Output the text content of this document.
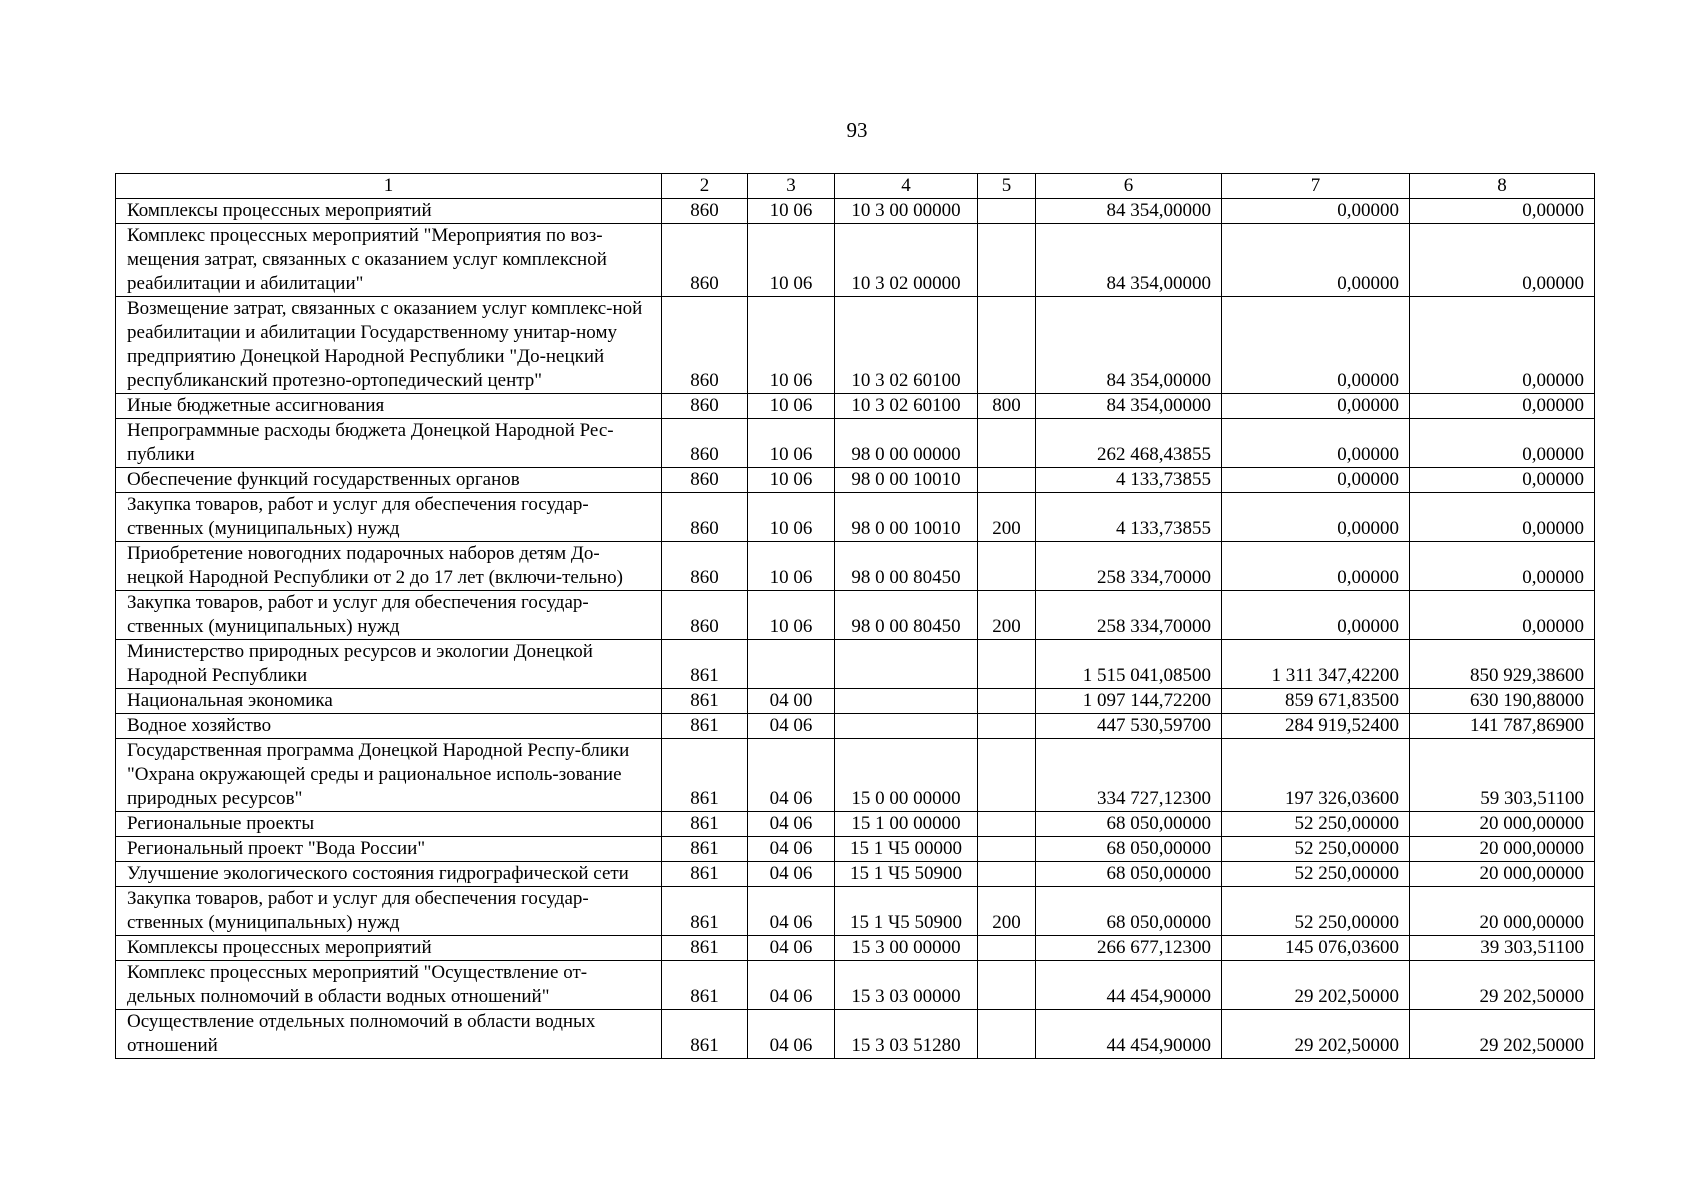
93
1	2	3	4	5	6	7	8
Комплексы процессных мероприятий	860	10 06	10 3 00 00000		84 354,00000	0,00000	0,00000
Комплекс процессных мероприятий "Мероприятия по воз-мещения затрат, связанных с оказанием услуг комплексной реабилитации и абилитации"	860	10 06	10 3 02 00000		84 354,00000	0,00000	0,00000
Возмещение затрат, связанных с оказанием услуг комплекс-ной реабилитации и абилитации Государственному унитар-ному предприятию Донецкой Народной Республики "До-нецкий республиканский протезно-ортопедический центр"	860	10 06	10 3 02 60100		84 354,00000	0,00000	0,00000
Иные бюджетные ассигнования	860	10 06	10 3 02 60100	800	84 354,00000	0,00000	0,00000
Непрограммные расходы бюджета Донецкой Народной Рес-публики	860	10 06	98 0 00 00000		262 468,43855	0,00000	0,00000
Обеспечение функций государственных органов	860	10 06	98 0 00 10010		4 133,73855	0,00000	0,00000
Закупка товаров, работ и услуг для обеспечения государ-ственных (муниципальных) нужд	860	10 06	98 0 00 10010	200	4 133,73855	0,00000	0,00000
Приобретение новогодних подарочных наборов детям До-нецкой Народной Республики от 2 до 17 лет (включи-тельно)	860	10 06	98 0 00 80450		258 334,70000	0,00000	0,00000
Закупка товаров, работ и услуг для обеспечения государ-ственных (муниципальных) нужд	860	10 06	98 0 00 80450	200	258 334,70000	0,00000	0,00000
Министерство природных ресурсов и экологии Донецкой Народной Республики	861				1 515 041,08500	1 311 347,42200	850 929,38600
Национальная экономика	861	04 00			1 097 144,72200	859 671,83500	630 190,88000
Водное хозяйство	861	04 06			447 530,59700	284 919,52400	141 787,86900
Государственная программа Донецкой Народной Респу-блики "Охрана окружающей среды и рациональное исполь-зование природных ресурсов"	861	04 06	15 0 00 00000		334 727,12300	197 326,03600	59 303,51100
Региональные проекты	861	04 06	15 1 00 00000		68 050,00000	52 250,00000	20 000,00000
Региональный проект "Вода России"	861	04 06	15 1 Ч5 00000		68 050,00000	52 250,00000	20 000,00000
Улучшение экологического состояния гидрографической сети	861	04 06	15 1 Ч5 50900		68 050,00000	52 250,00000	20 000,00000
Закупка товаров, работ и услуг для обеспечения государ-ственных (муниципальных) нужд	861	04 06	15 1 Ч5 50900	200	68 050,00000	52 250,00000	20 000,00000
Комплексы процессных мероприятий	861	04 06	15 3 00 00000		266 677,12300	145 076,03600	39 303,51100
Комплекс процессных мероприятий "Осуществление от-дельных полномочий в области водных отношений"	861	04 06	15 3 03 00000		44 454,90000	29 202,50000	29 202,50000
Осуществление отдельных полномочий в области водных отношений	861	04 06	15 3 03 51280		44 454,90000	29 202,50000	29 202,50000
